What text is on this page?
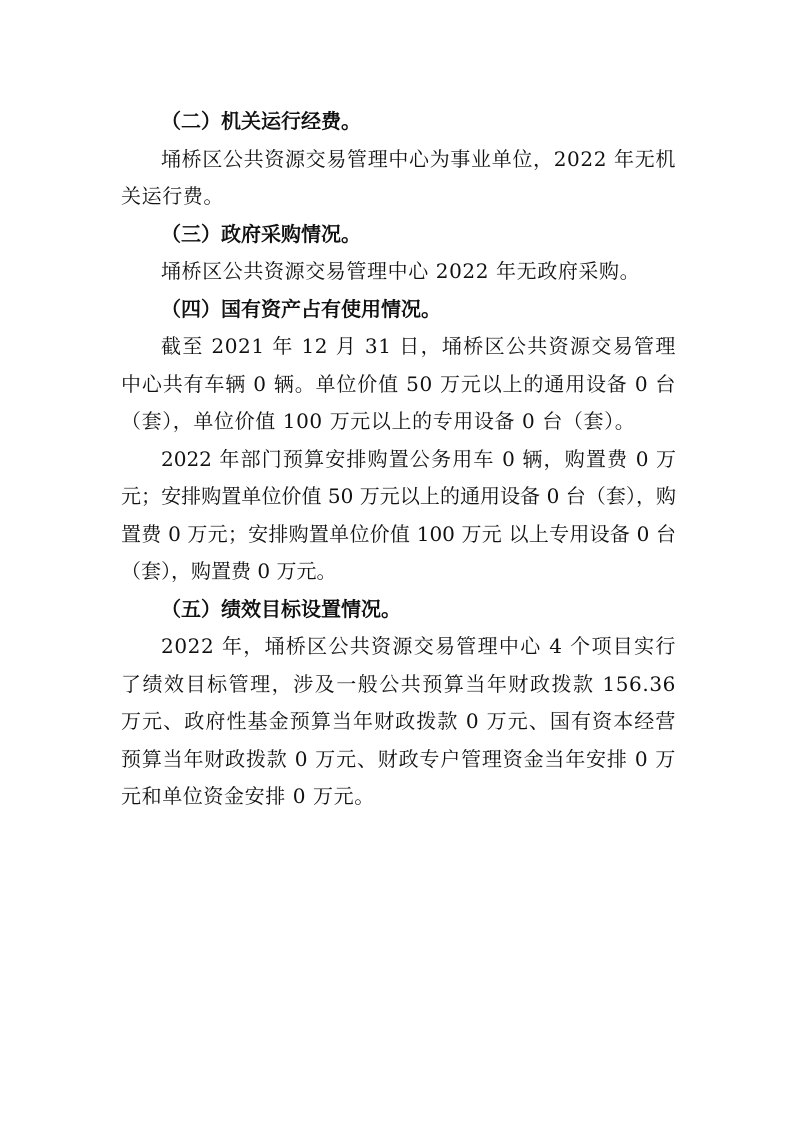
（二）机关运行经费。

埇桥区公共资源交易管理中心为事业单位，2022 年无机关运行费。

（三）政府采购情况。

埇桥区公共资源交易管理中心 2022 年无政府采购。

（四）国有资产占有使用情况。

截至 2021 年 12 月 31 日，埇桥区公共资源交易管理中心共有车辆 0 辆。单位价值 50 万元以上的通用设备 0 台（套），单位价值 100 万元以上的专用设备 0 台（套）。

2022 年部门预算安排购置公务用车 0 辆，购置费 0 万元；安排购置单位价值 50 万元以上的通用设备 0 台（套），购置费 0 万元；安排购置单位价值 100 万元 以上专用设备 0 台（套），购置费 0 万元。

（五）绩效目标设置情况。

2022 年，埇桥区公共资源交易管理中心 4 个项目实行了绩效目标管理，涉及一般公共预算当年财政拨款 156.36 万元、政府性基金预算当年财政拨款 0 万元、国有资本经营预算当年财政拨款 0 万元、财政专户管理资金当年安排 0 万元和单位资金安排 0 万元。
